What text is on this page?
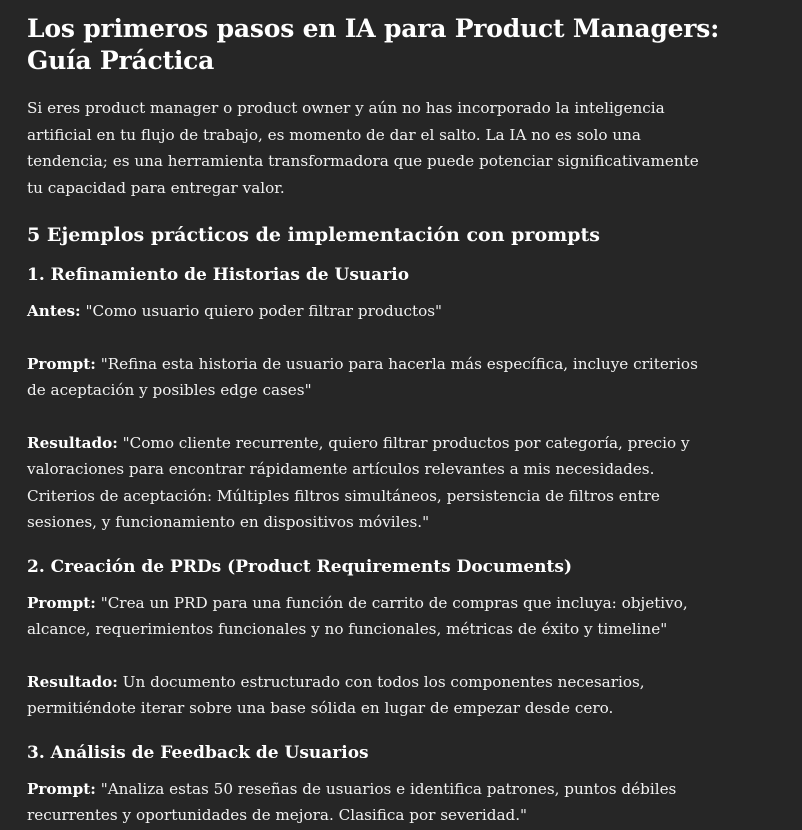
Los primeros pasos en IA para Product Managers: Guía Práctica

Si eres product manager o product owner y aún no has incorporado la inteligencia artificial en tu flujo de trabajo, es momento de dar el salto. La IA no es solo una tendencia; es una herramienta transformadora que puede potenciar significativamente tu capacidad para entregar valor.

5 Ejemplos prácticos de implementación con prompts
1. Refinamiento de Historias de Usuario

Antes: "Como usuario quiero poder filtrar productos"

Prompt: "Refina esta historia de usuario para hacerla más específica, incluye criterios de aceptación y posibles edge cases"

Resultado: "Como cliente recurrente, quiero filtrar productos por categoría, precio y valoraciones para encontrar rápidamente artículos relevantes a mis necesidades. Criterios de aceptación: Múltiples filtros simultáneos, persistencia de filtros entre sesiones, y funcionamiento en dispositivos móviles."

2. Creación de PRDs (Product Requirements Documents)

Prompt: "Crea un PRD para una función de carrito de compras que incluya: objetivo, alcance, requerimientos funcionales y no funcionales, métricas de éxito y timeline"

Resultado: Un documento estructurado con todos los componentes necesarios, permitiéndote iterar sobre una base sólida en lugar de empezar desde cero.

3. Análisis de Feedback de Usuarios

Prompt: "Analiza estas 50 reseñas de usuarios e identifica patrones, puntos débiles recurrentes y oportunidades de mejora. Clasifica por severidad."
